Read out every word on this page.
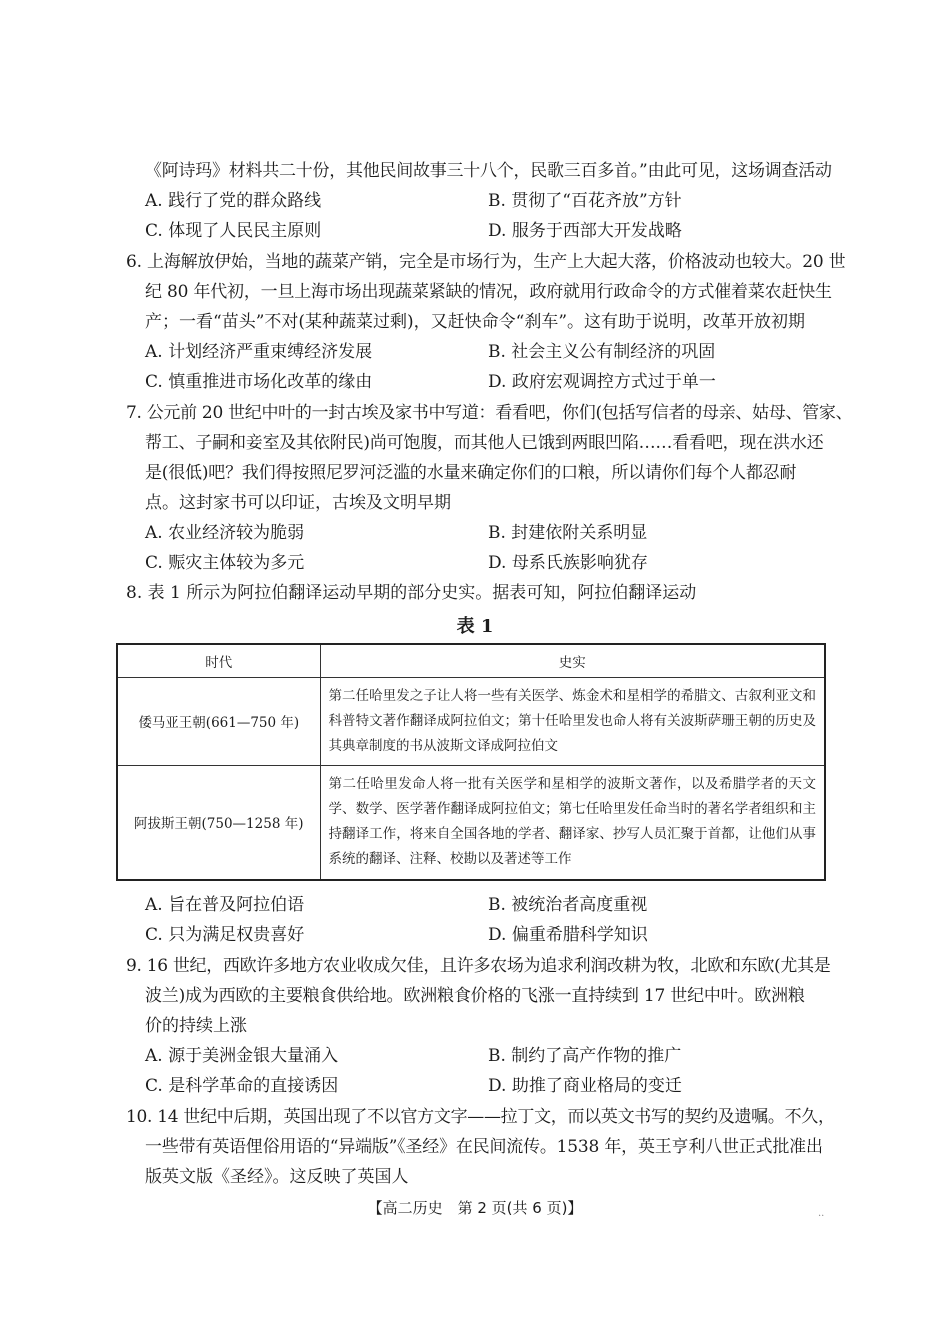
《阿诗玛》材料共二十份，其他民间故事三十八个，民歌三百多首。”由此可见，这场调查活动
A. 践行了党的群众路线	B. 贯彻了“百花齐放”方针
C. 体现了人民民主原则	D. 服务于西部大开发战略
6. 上海解放伊始，当地的蔬菜产销，完全是市场行为，生产上大起大落，价格波动也较大。20 世
纪 80 年代初，一旦上海市场出现蔬菜紧缺的情况，政府就用行政命令的方式催着菜农赶快生
产；一看“苗头”不对(某种蔬菜过剩)，又赶快命令“刹车”。这有助于说明，改革开放初期
A. 计划经济严重束缚经济发展	B. 社会主义公有制经济的巩固
C. 慎重推进市场化改革的缘由	D. 政府宏观调控方式过于单一
7. 公元前 20 世纪中叶的一封古埃及家书中写道：看看吧，你们(包括写信者的母亲、姑母、管家、
帮工、子嗣和妾室及其依附民)尚可饱腹，而其他人已饿到两眼凹陷……看看吧，现在洪水还
是(很低)吧？我们得按照尼罗河泛滥的水量来确定你们的口粮，所以请你们每个人都忍耐
点。这封家书可以印证，古埃及文明早期
A. 农业经济较为脆弱	B. 封建依附关系明显
C. 赈灾主体较为多元	D. 母系氏族影响犹存
8. 表 1 所示为阿拉伯翻译运动早期的部分史实。据表可知，阿拉伯翻译运动
表 1
时代	史实
倭马亚王朝(661—750 年)	第二任哈里发之子让人将一些有关医学、炼金术和星相学的希腊文、古叙利亚文和科普特文著作翻译成阿拉伯文；第十任哈里发也命人将有关波斯萨珊王朝的历史及其典章制度的书从波斯文译成阿拉伯文
阿拔斯王朝(750—1258 年)	第二任哈里发命人将一批有关医学和星相学的波斯文著作，以及希腊学者的天文学、数学、医学著作翻译成阿拉伯文；第七任哈里发任命当时的著名学者组织和主持翻译工作，将来自全国各地的学者、翻译家、抄写人员汇聚于首都，让他们从事系统的翻译、注释、校勘以及著述等工作
A. 旨在普及阿拉伯语	B. 被统治者高度重视
C. 只为满足权贵喜好	D. 偏重希腊科学知识
9. 16 世纪，西欧许多地方农业收成欠佳，且许多农场为追求利润改耕为牧，北欧和东欧(尤其是
波兰)成为西欧的主要粮食供给地。欧洲粮食价格的飞涨一直持续到 17 世纪中叶。欧洲粮
价的持续上涨
A. 源于美洲金银大量涌入	B. 制约了高产作物的推广
C. 是科学革命的直接诱因	D. 助推了商业格局的变迁
10. 14 世纪中后期，英国出现了不以官方文字——拉丁文，而以英文书写的契约及遗嘱。不久，
一些带有英语俚俗用语的“异端版”《圣经》在民间流传。1538 年，英王亨利八世正式批准出
版英文版《圣经》。这反映了英国人
【高二历史　第 2 页(共 6 页)】	..
